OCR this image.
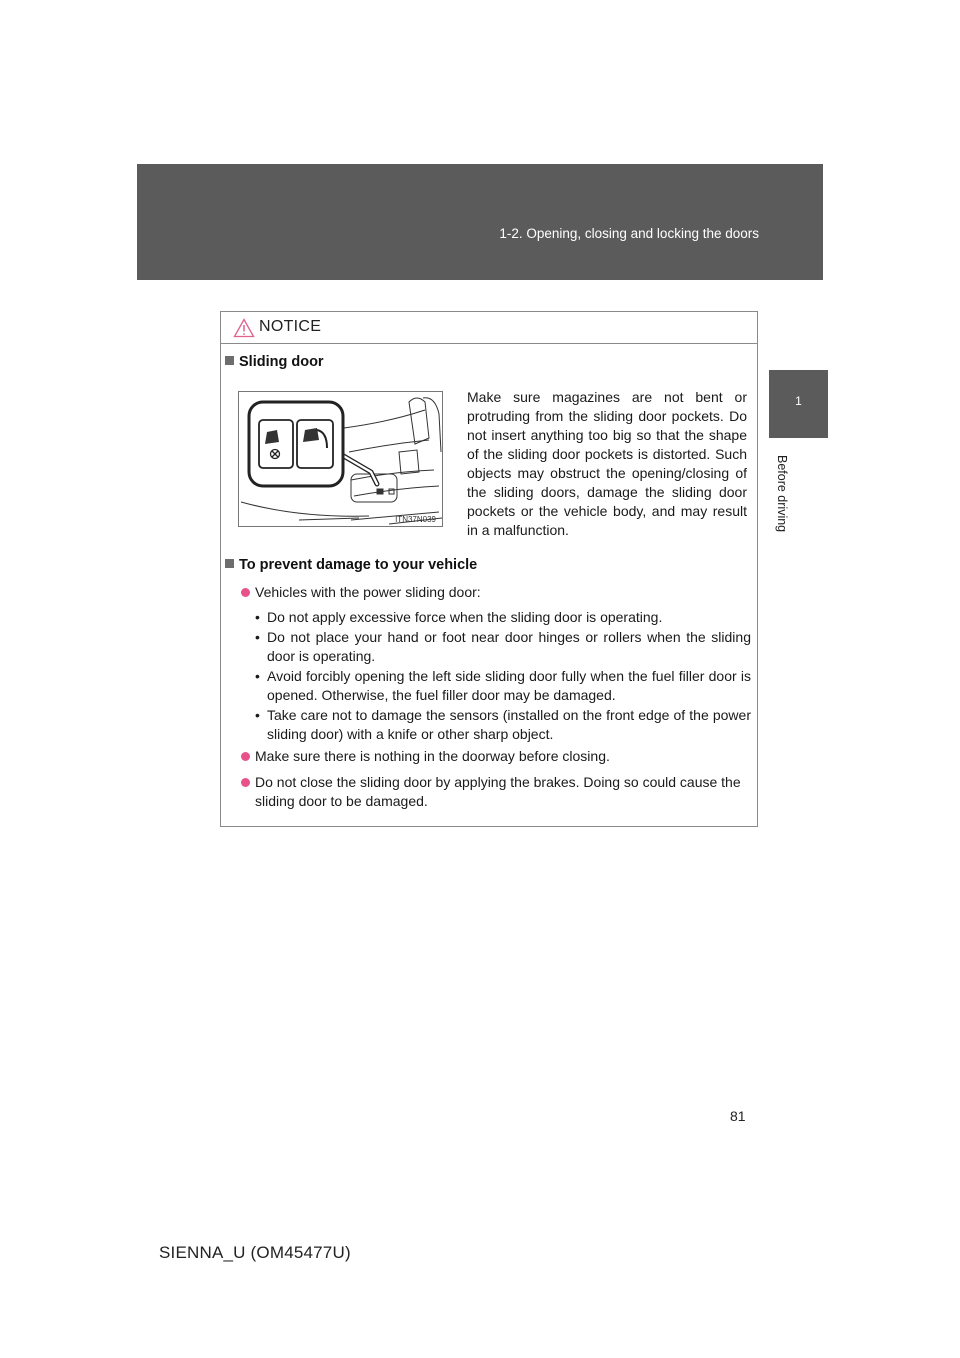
1-2. Opening, closing and locking the doors
1
Before driving
NOTICE
Sliding door
ITN37N039
Make sure magazines are not bent or protruding from the sliding door pockets. Do not insert anything too big so that the shape of the sliding door pockets is distorted. Such objects may obstruct the opening/closing of the sliding doors, damage the sliding door pockets or the vehicle body, and may result in a malfunction.
To prevent damage to your vehicle
Vehicles with the power sliding door:
• Do not apply excessive force when the sliding door is operating.
• Do not place your hand or foot near door hinges or rollers when the sliding door is operating.
• Avoid forcibly opening the left side sliding door fully when the fuel filler door is opened. Otherwise, the fuel filler door may be damaged.
• Take care not to damage the sensors (installed on the front edge of the power sliding door) with a knife or other sharp object.
Make sure there is nothing in the doorway before closing.
Do not close the sliding door by applying the brakes. Doing so could cause the sliding door to be damaged.
81
SIENNA_U (OM45477U)
